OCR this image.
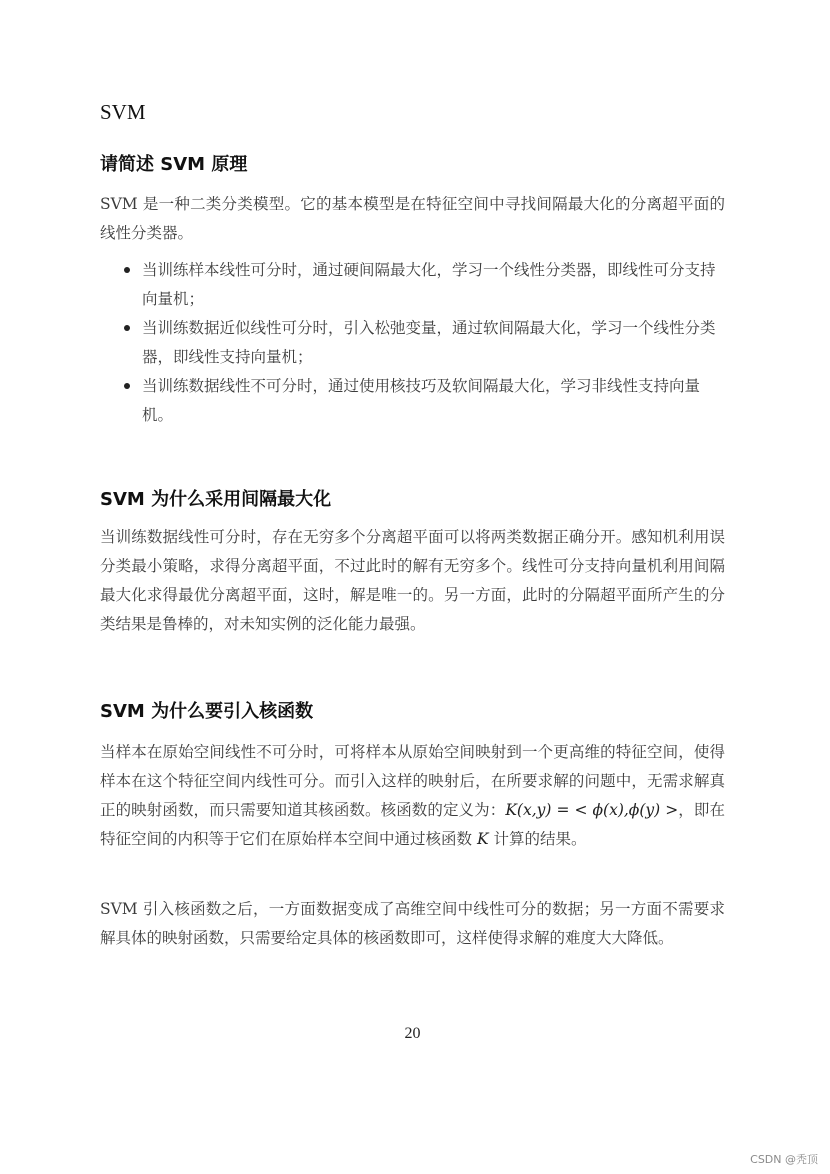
SVM
请简述 SVM 原理
SVM 是一种二类分类模型。它的基本模型是在特征空间中寻找间隔最大化的分离超平面的线性分类器。
当训练样本线性可分时，通过硬间隔最大化，学习一个线性分类器，即线性可分支持向量机；
当训练数据近似线性可分时，引入松弛变量，通过软间隔最大化，学习一个线性分类器，即线性支持向量机；
当训练数据线性不可分时，通过使用核技巧及软间隔最大化，学习非线性支持向量机。
SVM 为什么采用间隔最大化
当训练数据线性可分时，存在无穷多个分离超平面可以将两类数据正确分开。感知机利用误分类最小策略，求得分离超平面，不过此时的解有无穷多个。线性可分支持向量机利用间隔最大化求得最优分离超平面，这时，解是唯一的。另一方面，此时的分隔超平面所产生的分类结果是鲁棒的，对未知实例的泛化能力最强。
SVM 为什么要引入核函数
当样本在原始空间线性不可分时，可将样本从原始空间映射到一个更高维的特征空间，使得样本在这个特征空间内线性可分。而引入这样的映射后，在所要求解的问题中，无需求解真正的映射函数，而只需要知道其核函数。核函数的定义为：K(x,y) = < ϕ(x),ϕ(y) >，即在特征空间的内积等于它们在原始样本空间中通过核函数 K 计算的结果。
SVM 引入核函数之后，一方面数据变成了高维空间中线性可分的数据；另一方面不需要求解具体的映射函数，只需要给定具体的核函数即可，这样使得求解的难度大大降低。
20
CSDN @秃顶
